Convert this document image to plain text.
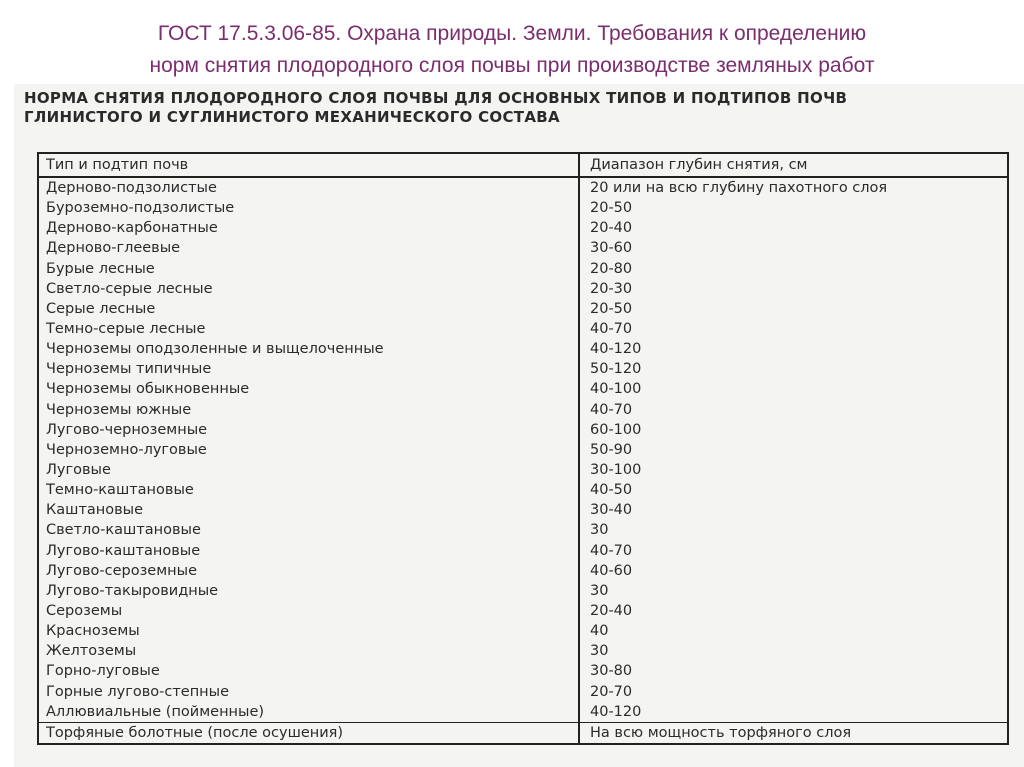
ГОСТ 17.5.3.06-85. Охрана природы. Земли. Требования к определению
норм снятия плодородного слоя почвы при производстве земляных работ
НОРМА СНЯТИЯ ПЛОДОРОДНОГО СЛОЯ ПОЧВЫ ДЛЯ ОСНОВНЫХ ТИПОВ И ПОДТИПОВ ПОЧВ
ГЛИНИСТОГО И СУГЛИНИСТОГО МЕХАНИЧЕСКОГО СОСТАВА
Тип и подтип почв	Диапазон глубин снятия, см
Дерново-подзолистые	20 или на всю глубину пахотного слоя
Буроземно-подзолистые	20-50
Дерново-карбонатные	20-40
Дерново-глеевые	30-60
Бурые лесные	20-80
Светло-серые лесные	20-30
Серые лесные	20-50
Темно-серые лесные	40-70
Черноземы оподзоленные и выщелоченные	40-120
Черноземы типичные	50-120
Черноземы обыкновенные	40-100
Черноземы южные	40-70
Лугово-черноземные	60-100
Черноземно-луговые	50-90
Луговые	30-100
Темно-каштановые	40-50
Каштановые	30-40
Светло-каштановые	30
Лугово-каштановые	40-70
Лугово-сероземные	40-60
Лугово-такыровидные	30
Сероземы	20-40
Красноземы	40
Желтоземы	30
Горно-луговые	30-80
Горные лугово-степные	20-70
Аллювиальные (пойменные)	40-120
Торфяные болотные (после осушения)	На всю мощность торфяного слоя
